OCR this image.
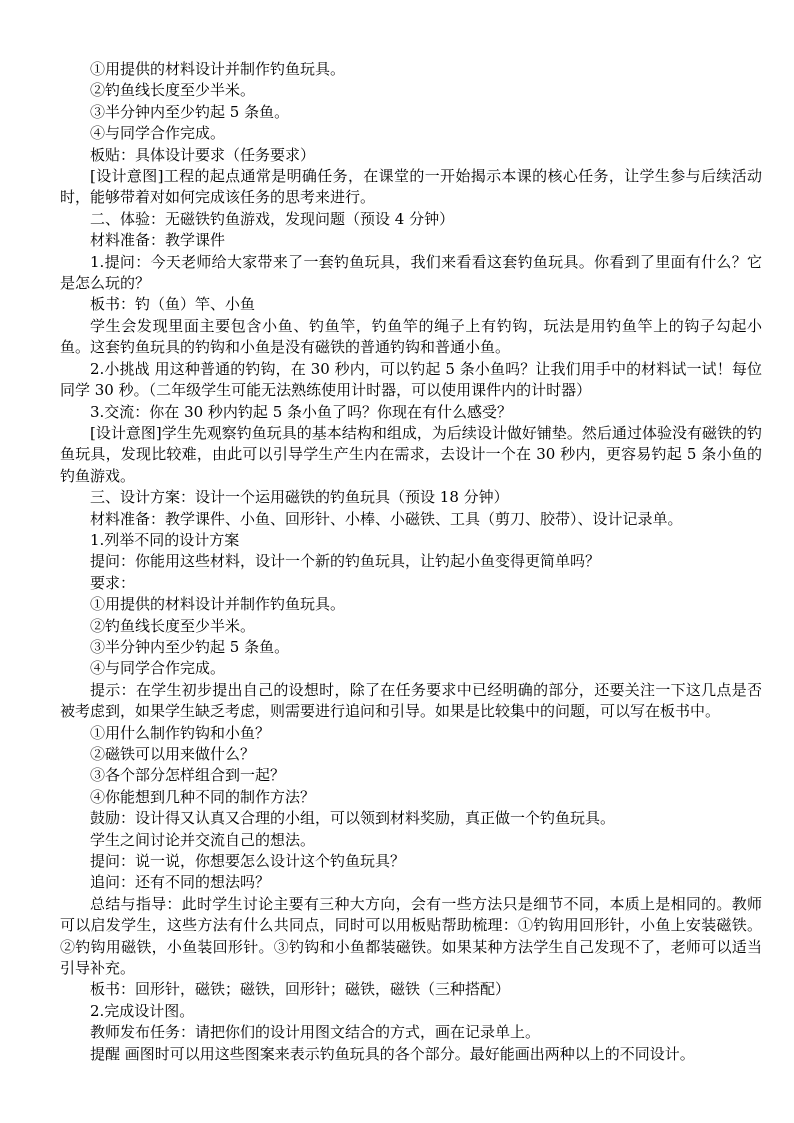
①用提供的材料设计并制作钓鱼玩具。

②钓鱼线长度至少半米。

③半分钟内至少钓起 5 条鱼。

④与同学合作完成。

板贴：具体设计要求（任务要求）

[设计意图]工程的起点通常是明确任务，在课堂的一开始揭示本课的核心任务，让学生参与后续活动时，能够带着对如何完成该任务的思考来进行。

二、体验：无磁铁钓鱼游戏，发现问题（预设 4 分钟）

材料准备：教学课件

1.提问：今天老师给大家带来了一套钓鱼玩具，我们来看看这套钓鱼玩具。你看到了里面有什么？它是怎么玩的？

板书：钓（鱼）竿、小鱼

学生会发现里面主要包含小鱼、钓鱼竿，钓鱼竿的绳子上有钓钩，玩法是用钓鱼竿上的钩子勾起小鱼。这套钓鱼玩具的钓钩和小鱼是没有磁铁的普通钓钩和普通小鱼。

2.小挑战 用这种普通的钓钩，在 30 秒内，可以钓起 5 条小鱼吗？让我们用手中的材料试一试！每位同学 30 秒。（二年级学生可能无法熟练使用计时器，可以使用课件内的计时器）

3.交流：你在 30 秒内钓起 5 条小鱼了吗？你现在有什么感受？

[设计意图]学生先观察钓鱼玩具的基本结构和组成，为后续设计做好铺垫。然后通过体验没有磁铁的钓鱼玩具，发现比较难，由此可以引导学生产生内在需求，去设计一个在 30 秒内，更容易钓起 5 条小鱼的钓鱼游戏。

三、设计方案：设计一个运用磁铁的钓鱼玩具（预设 18 分钟）

材料准备：教学课件、小鱼、回形针、小棒、小磁铁、工具（剪刀、胶带）、设计记录单。

1.列举不同的设计方案

提问：你能用这些材料，设计一个新的钓鱼玩具，让钓起小鱼变得更简单吗？

要求：

①用提供的材料设计并制作钓鱼玩具。

②钓鱼线长度至少半米。

③半分钟内至少钓起 5 条鱼。

④与同学合作完成。

提示：在学生初步提出自己的设想时，除了在任务要求中已经明确的部分，还要关注一下这几点是否被考虑到，如果学生缺乏考虑，则需要进行追问和引导。如果是比较集中的问题，可以写在板书中。

①用什么制作钓钩和小鱼？

②磁铁可以用来做什么？

③各个部分怎样组合到一起？

④你能想到几种不同的制作方法？

鼓励：设计得又认真又合理的小组，可以领到材料奖励，真正做一个钓鱼玩具。

学生之间讨论并交流自己的想法。

提问：说一说，你想要怎么设计这个钓鱼玩具？

追问：还有不同的想法吗？

总结与指导：此时学生讨论主要有三种大方向，会有一些方法只是细节不同，本质上是相同的。教师可以启发学生，这些方法有什么共同点，同时可以用板贴帮助梳理：①钓钩用回形针，小鱼上安装磁铁。②钓钩用磁铁，小鱼装回形针。③钓钩和小鱼都装磁铁。如果某种方法学生自己发现不了，老师可以适当引导补充。

板书：回形针，磁铁；磁铁，回形针；磁铁，磁铁（三种搭配）

2.完成设计图。

教师发布任务：请把你们的设计用图文结合的方式，画在记录单上。

提醒 画图时可以用这些图案来表示钓鱼玩具的各个部分。最好能画出两种以上的不同设计。
